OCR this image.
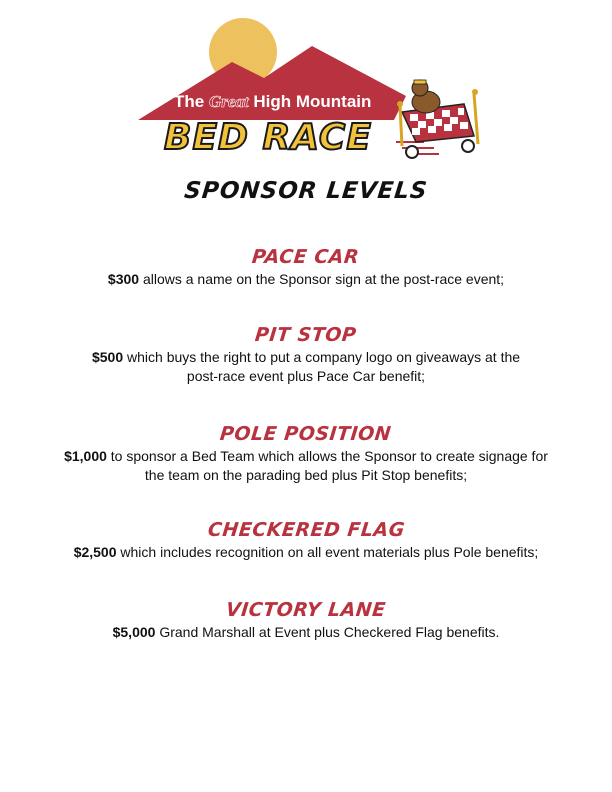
The Great High Mountain
BED RACE
SPONSOR LEVELS
PACE CAR
$300 allows a name on the Sponsor sign at the post-race event;
PIT STOP
$500 which buys the right to put a company logo on giveaways at the
post-race event plus Pace Car benefit;
POLE POSITION
$1,000 to sponsor a Bed Team which allows the Sponsor to create signage for
the team on the parading bed plus Pit Stop benefits;
CHECKERED FLAG
$2,500 which includes recognition on all event materials plus Pole benefits;
VICTORY LANE
$5,000 Grand Marshall at Event plus Checkered Flag benefits.
